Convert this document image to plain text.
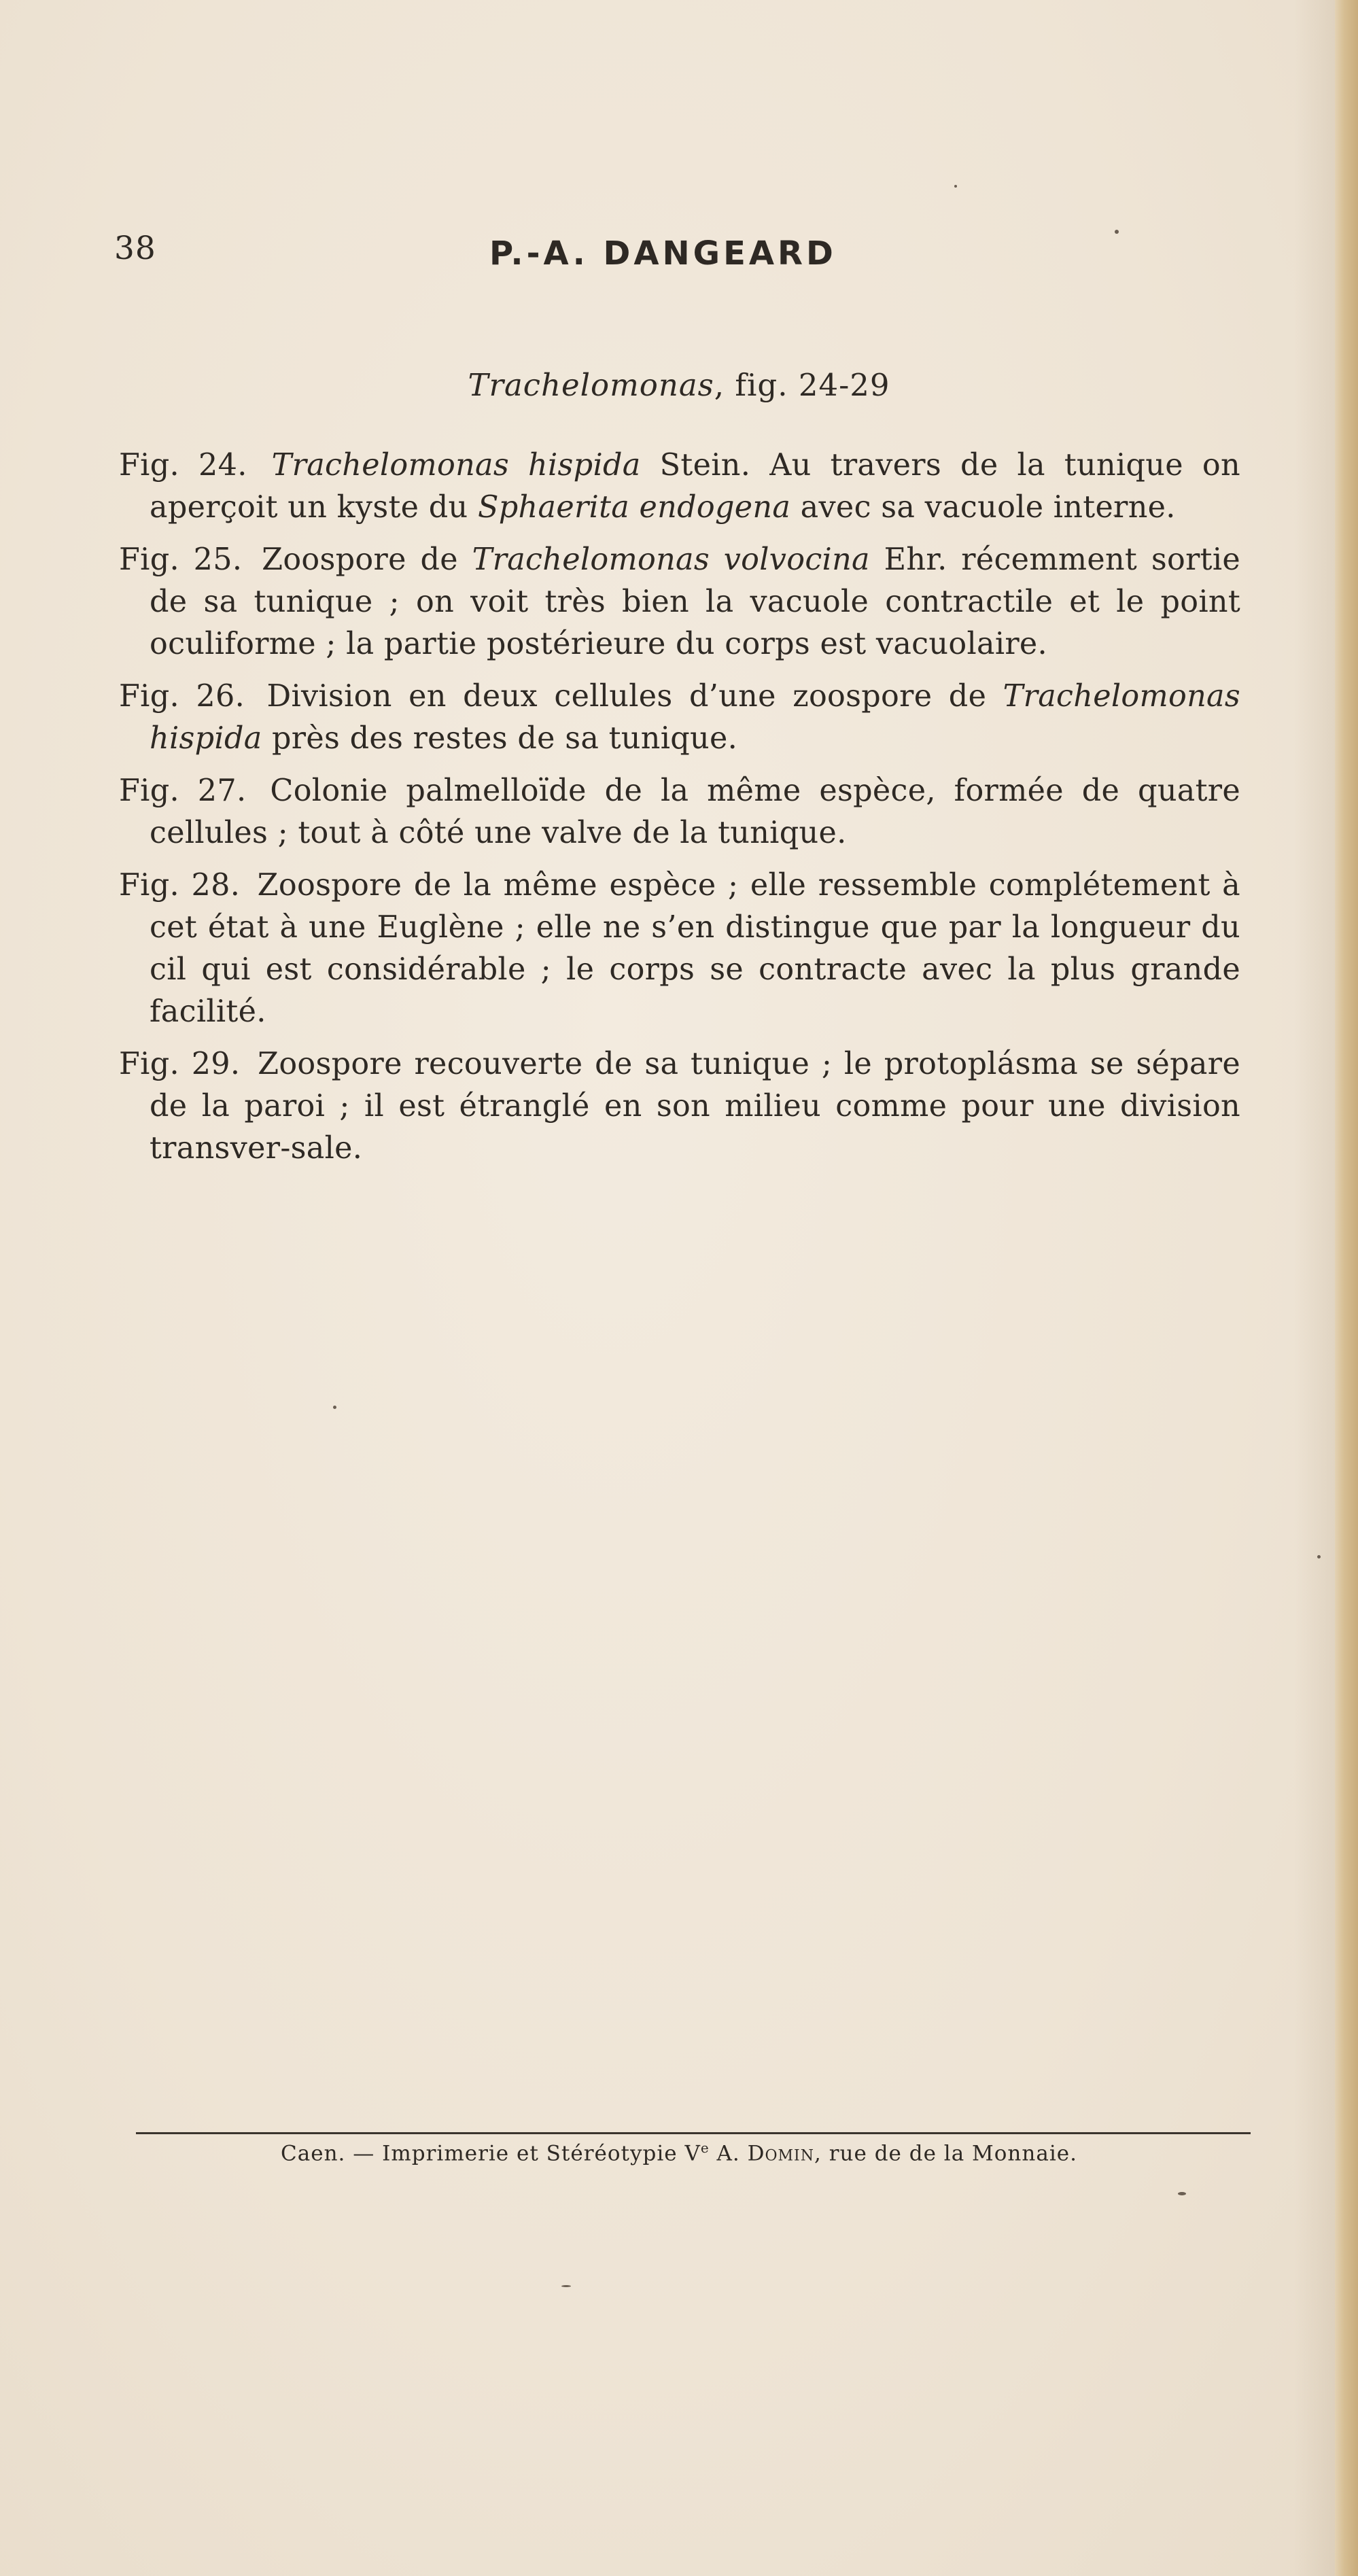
38	P.-A. DANGEARD
Trachelomonas, fig. 24-29

Fig. 24. Trachelomonas hispida Stein. Au travers de la tunique on aperçoit un kyste du Sphaerita endogena avec sa vacuole interne.

Fig. 25. Zoospore de Trachelomonas volvocina Ehr. récemment sortie de sa tunique ; on voit très bien la vacuole contractile et le point oculiforme ; la partie postérieure du corps est vacuolaire.

Fig. 26. Division en deux cellules d’une zoospore de Trachelomonas hispida près des restes de sa tunique.

Fig. 27. Colonie palmelloïde de la même espèce, formée de quatre cellules ; tout à côté une valve de la tunique.

Fig. 28. Zoospore de la même espèce ; elle ressemble complétement à cet état à une Euglène ; elle ne s’en distingue que par la longueur du cil qui est considérable ; le corps se contracte avec la plus grande facilité.

Fig. 29. Zoospore recouverte de sa tunique ; le protoplásma se sépare de la paroi ; il est étranglé en son milieu comme pour une division transver-sale.

Caen. — Imprimerie et Stéréotypie Ve A. Domin, rue de de la Monnaie.
